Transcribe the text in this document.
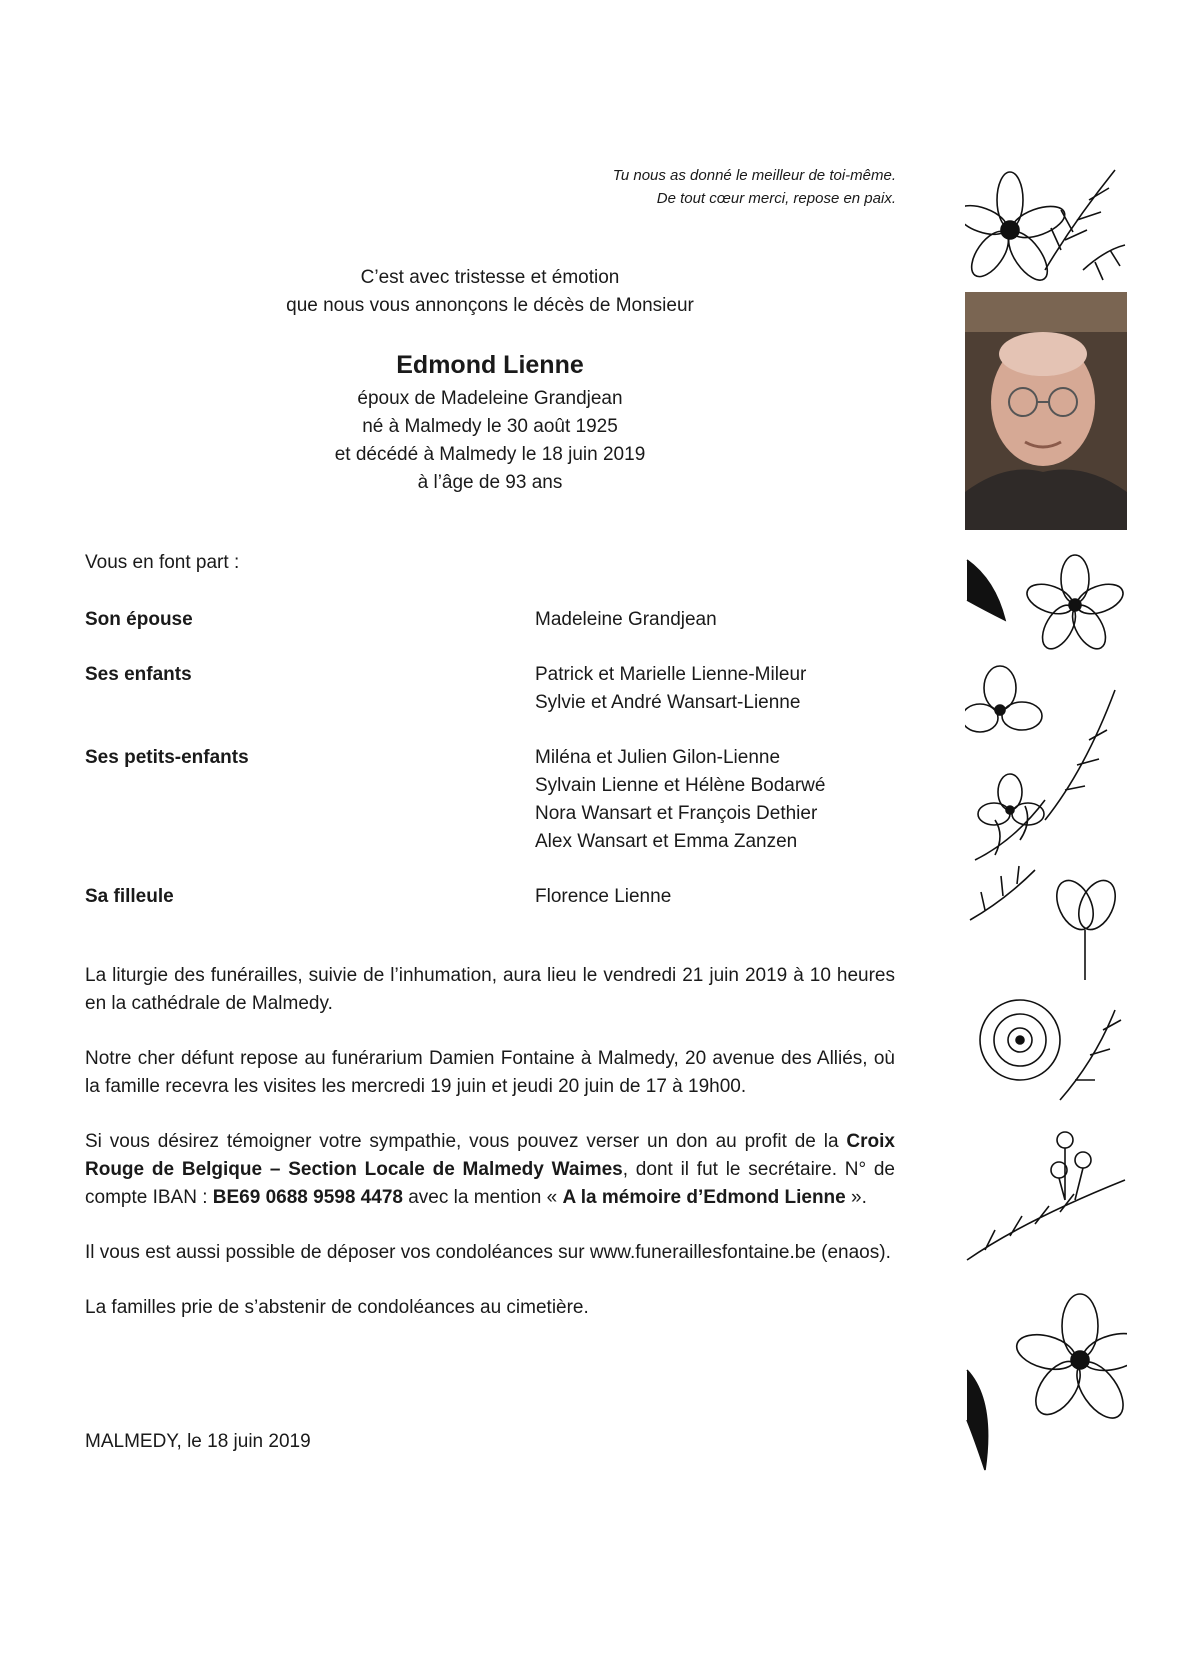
Tu nous as donné le meilleur de toi-même.
De tout cœur merci, repose en paix.
C’est avec tristesse et émotion
que nous vous annonçons le décès de Monsieur
Edmond Lienne
époux de Madeleine Grandjean
né à Malmedy le 30 août 1925
et décédé à Malmedy le 18 juin 2019
à l’âge de 93 ans
Vous en font part :
Son épouse	Madeleine Grandjean
Ses enfants	Patrick et Marielle Lienne-Mileur
Sylvie et André Wansart-Lienne
Ses petits-enfants	Miléna et Julien Gilon-Lienne
Sylvain Lienne et Hélène Bodarwé
Nora Wansart et François Dethier
Alex Wansart et Emma Zanzen
Sa filleule	Florence Lienne

La liturgie des funérailles, suivie de l’inhumation, aura lieu le vendredi 21 juin 2019 à 10 heures en la cathédrale de Malmedy.

Notre cher défunt repose au funérarium Damien Fontaine à Malmedy, 20 avenue des Alliés, où la famille recevra les visites les mercredi 19 juin et jeudi 20 juin de 17 à 19h00.

Si vous désirez témoigner votre sympathie, vous pouvez verser un don au profit de la Croix Rouge de Belgique – Section Locale de Malmedy Waimes, dont il fut le secrétaire. N° de compte IBAN : BE69 0688 9598 4478 avec la mention « A la mémoire d’Edmond Lienne ».

Il vous est aussi possible de déposer vos condoléances sur www.funeraillesfontaine.be (enaos).

La familles prie de s’abstenir de condoléances au cimetière.

MALMEDY, le 18 juin 2019
